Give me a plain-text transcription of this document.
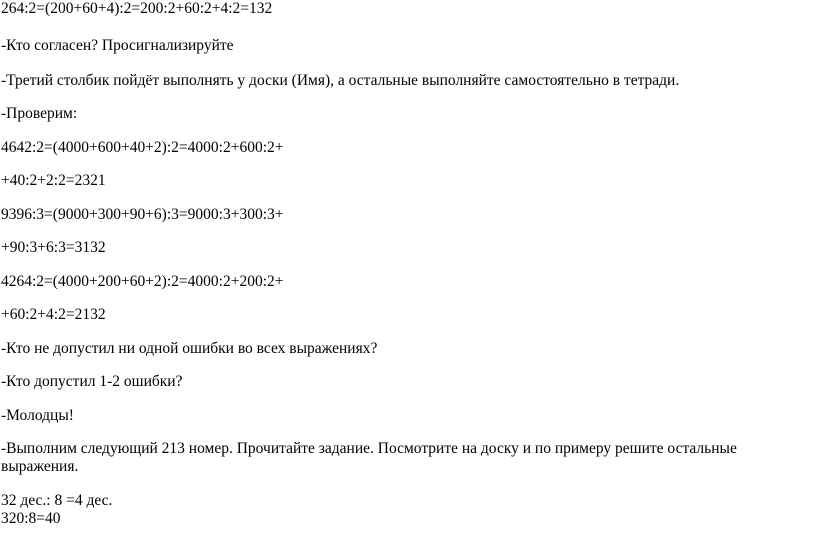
264:2=(200+60+4):2=200:2+60:2+4:2=132
-Кто согласен? Просигнализируйте
-Третий столбик пойдёт выполнять у доски (Имя), а остальные выполняйте самостоятельно в тетради.
-Проверим:
4642:2=(4000+600+40+2):2=4000:2+600:2+
+40:2+2:2=2321
9396:3=(9000+300+90+6):3=9000:3+300:3+
+90:3+6:3=3132
4264:2=(4000+200+60+2):2=4000:2+200:2+
+60:2+4:2=2132
-Кто не допустил ни одной ошибки во всех выражениях?
-Кто допустил 1-2 ошибки?
-Молодцы!
-Выполним следующий 213 номер. Прочитайте задание. Посмотрите на доску и по примеру решите остальные выражения.
32 дес.: 8 =4 дес.
320:8=40
